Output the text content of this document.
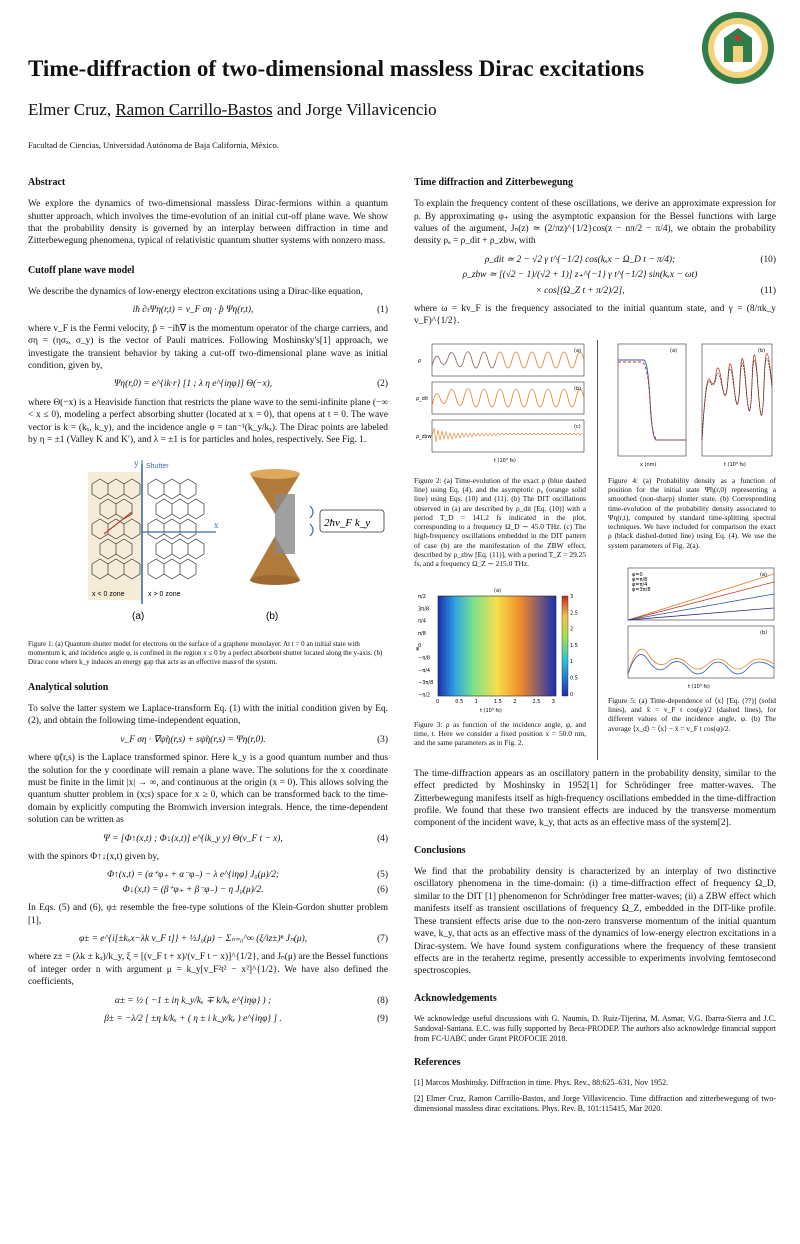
Time-diffraction of two-dimensional massless Dirac excitations
Elmer Cruz, Ramon Carrillo-Bastos and Jorge Villavicencio
Facultad de Ciencias, Universidad Autónoma de Baja California, México.
Abstract

We explore the dynamics of two-dimensional massless Dirac-fermions within a quantum shutter approach, which involves the time-evolution of an initial cut-off plane wave. We show that the probability density is governed by an interplay between diffraction in time and Zitterbewegung phenomena, typical of relativistic quantum shutter systems with nonzero mass.

Cutoff plane wave model

We describe the dynamics of low-energy electron excitations using a Dirac-like equation,

iħ ∂ₜΨη(r,t) = v_F ση · p̂ Ψη(r,t),	(1)

where v_F is the Fermi velocity, p̂ = −iħ∇ is the momentum operator of the charge carriers, and ση = (ησₓ, σ_y) is the vector of Pauli matrices. Following Moshinsky's[1] approach, we investigate the transient behavior by taking a cut-off two-dimensional plane wave as initial condition, given by,

Ψη(r,0) = e^{ik·r} [1 ; λ η e^{iηφ}] Θ(−x),	(2)

where Θ(−x) is a Heaviside function that restricts the plane wave to the semi-infinite plane (−∞ < x ≤ 0), modeling a perfect absorbing shutter (located at x = 0), that opens at t = 0. The wave vector is k = (kₓ, k_y), and the incidence angle φ = tan⁻¹(k_y/kₓ). The Dirac points are labeled by η = ±1 (Valley K and K′), and λ = ±1 is for particles and holes, respectively. See Fig. 1.

Shutter
y
x
x < 0 zone	x > 0 zone
(a)	(b)
2ħv_F k_y

Figure 1: (a) Quantum shutter model for electrons on the surface of a graphene monolayer. At t = 0 an initial state with momentum k, and incidence angle φ, is confined in the region x ≤ 0 by a perfect absorbent shutter located along the y-axis. (b) Dirac cone where k_y induces an energy gap that acts as an effective mass of the system.

Analytical solution

To solve the latter system we Laplace-transform Eq. (1) with the initial condition given by Eq. (2), and obtain the following time-independent equation,

v_F ση · ∇ψ̃η(r,s) + sψ̃η(r,s) = Ψη(r,0).	(3)

where ψ̃(r,s) is the Laplace transformed spinor. Here k_y is a good quantum number and thus the solution for the y coordinate will remain a plane wave. The solutions for the x coordinate must be finite in the limit |x| → ∞, and continuous at the origin (x = 0). This allows solving the quantum shutter problem in (x;s) space for x ≥ 0, which can be transformed back to the time-domain by explicitly computing the Bromwich inversion integrals. Hence, the time-dependent solution can be written as

Ψ = [Φ↑(x,t) ; Φ↓(x,t)] e^{ik_y y} Θ(v_F t − x),	(4)

with the spinors Φ↑↓(x,t) given by,

Φ↑(x,t) = (α⁺φ₊ + α⁻φ₋) − λ e^{iηφ} J₀(μ)/2;	(5)
Φ↓(x,t) = (β⁺φ₊ + β⁻φ₋) − η J₀(μ)/2.	(6)

In Eqs. (5) and (6), φ± resemble the free-type solutions of the Klein-Gordon shutter problem [1],

φ± = e^{i[±kₓx−λk v_F t]} + ½J₀(μ) − Σₙ₌₀^∞ (ξ/iz±)ⁿ Jₙ(μ),	(7)

where z± = (λk ± kₓ)/k_y, ξ = [(v_F t + x)/(v_F t − x)]^{1/2}, and Jₙ(μ) are the Bessel functions of integer order n with argument μ = k_y[v_F²t² − x²]^{1/2}. We have also defined the coefficients,

α± = ½ ( −1 ± iη k_y/kₓ ∓ k/kₓ e^{iηφ} ) ;	(8)
β± = −λ/2 [ ±η k/kₓ + ( η ± i k_y/kₓ ) e^{iηφ} ] .	(9)
Time diffraction and Zitterbewegung

To explain the frequency content of these oscillations, we derive an approximate expression for ρ. By approximating φ₊ using the asymptotic expansion for the Bessel functions with large values of the argument, Jₙ(z) ≃ (2/πz)^{1/2}cos(z − nπ/2 − π/4), we obtain the probability density ρₐ = ρ_dit + ρ_zbw, with

ρ_dit ≃ 2 − √2 γ t^{−1/2} cos(kₓx − Ω_D t − π/4);	(10)
ρ_zbw ≃ [(√2 − 1)/(√2 + 1)] z₊^{−1} γ t^{−1/2} sin(kₓx − ωt)
× cos[(Ω_Z t + π/2)/2],	(11)

where ω = kv_F is the frequency associated to the initial quantum state, and γ = (8/πk_y v_F)^{1/2}.

(a)
ρ
(b)
ρ_dit
(c)
ρ_zbw
t (10³ fs)

Figure 2: (a) Time-evolution of the exact ρ (blue dashed line) using Eq. (4), and the asymptotic ρ₀ (orange solid line) using Eqs. (10) and (11). (b) The DIT oscillations observed in (a) are described by ρ_dit [Eq. (10)] with a period T_D = 141.2 fs indicated in the plot, corresponding to a frequency Ω_D ∼ 45.0 THz. (c) The high-frequency oscillations embedded in the DIT pattern of case (b) are the manifestation of the ZBW effect, described by ρ_zbw [Eq. (11)], with a period T_Z = 29.25 fs, and a frequency Ω_Z ∼ 215.0 THz.

(a)
π/2
3π/8
π/4
π/8
0
−π/8
−π/4
−3π/8
−π/2
0	0.5 1	1.5 2	2.5 3
3
2.5
2
1.5
1
0.5
0
t (10³ fs)
φ

Figure 3: ρ as function of the incidence angle, φ, and time, t. Here we consider a fixed position x = 50.0 nm, and the same parameters as in Fig. 2.

(a)
x (nm)
(b)
t (10³ fs)

Figure 4: (a) Probability density as a function of position for the initial state Ψ̃η(r,0) representing a smoothed (non-sharp) shutter state. (b) Corresponding time-evolution of the probability density associated to Ψη(r,t), computed by standard time-splitting spectral techniques. We have included for comparison the exact ρ (black dashed-dotted line) using Eq. (4). We use the system parameters of Fig. 2(a).

(a)
φ=0
φ=π/8
φ=π/4
φ=3π/8
(b)
t (10³ fs)

Figure 5: (a) Time-dependence of ⟨x⟩ [Eq. (??)] (solid lines), and x̄ = v_F t cos(φ)/2 (dashed lines), for different values of the incidence angle, φ. (b) The average ⟨x_d⟩ = ⟨x⟩ − x̄ = v_F t cos(φ)/2.

The time-diffraction appears as an oscillatory pattern in the probability density, similar to the effect predicted by Moshinsky in 1952[1] for Schrödinger free matter-waves. The Zitterbewegung manifests itself as high-frequency oscillations embedded in the time-diffraction profile. We found that these two transient effects are induced by the transverse momentum component of the incident wave, k_y, that acts as an effective mass of the system[2].

Conclusions

We find that the probability density is characterized by an interplay of two distinctive oscillatory phenomena in the time-domain: (i) a time-diffraction effect of frequency Ω_D, similar to the DIT [1] phenomenon for Schrödinger free matter-waves; (ii) a ZBW effect which manifests itself as transient oscillations of frequency Ω_Z, embedded in the DIT-like profile. These transient effects arise due to the non-zero transverse momentum of the initial quantum wave, k_y, that acts as an effective mass of the dynamics of low-energy electron excitations in a Dirac-system. We have found system configurations where the frequency of these transient effects are in the terahertz regime, presently accessible to experiments involving femtosecond spectroscopies.

Acknowledgements

We acknowledge useful discussions with G. Naumis, D. Ruiz-Tijerina, M. Asmar, V.G. Ibarra-Sierra and J.C. Sandoval-Santana. E.C. was fully supported by Beca-PRODEP. The authors also acknowledge financial support from FC-UABC under Grant PROFOCIE 2018.

References

[1] Marcos Moshinsky. Diffraction in time. Phys. Rev., 88:625–631, Nov 1952.

[2] Elmer Cruz, Ramon Carrillo-Bastos, and Jorge Villavicencio. Time diffraction and zitterbewegung of two-dimensional massless dirac excitations. Phys. Rev. B, 101:115415, Mar 2020.
